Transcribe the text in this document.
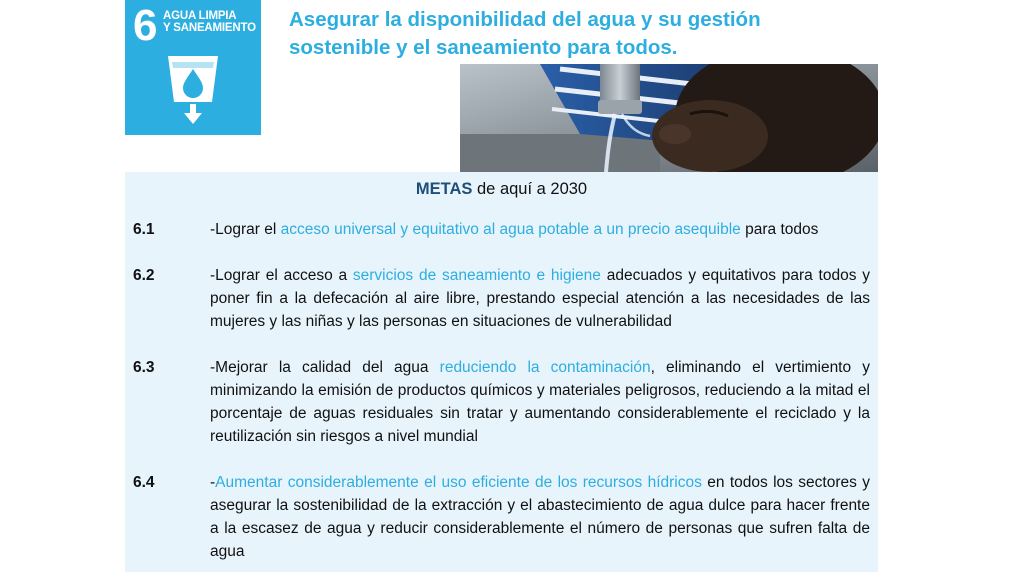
6 AGUA LIMPIA
Y SANEAMIENTO Asegurar la disponibilidad del agua y su gestión
sostenible y el saneamiento para todos.
METAS de aquí a 2030
6.1	-Lograr el acceso universal y equitativo al agua potable a un precio asequible para todos

6.2	-Lograr el acceso a servicios de saneamiento e higiene adecuados y equitativos para todos y poner fin a la defecación al aire libre, prestando especial atención a las necesidades de las mujeres y las niñas y las personas en situaciones de vulnerabilidad

6.3	-Mejorar la calidad del agua reduciendo la contaminación, eliminando el vertimiento y minimizando la emisión de productos químicos y materiales peligrosos, reduciendo a la mitad el porcentaje de aguas residuales sin tratar y aumentando considerablemente el reciclado y la reutilización sin riesgos a nivel mundial

6.4	-Aumentar considerablemente el uso eficiente de los recursos hídricos en todos los sectores y asegurar la sostenibilidad de la extracción y el abastecimiento de agua dulce para hacer frente a la escasez de agua y reducir considerablemente el número de personas que sufren falta de agua
